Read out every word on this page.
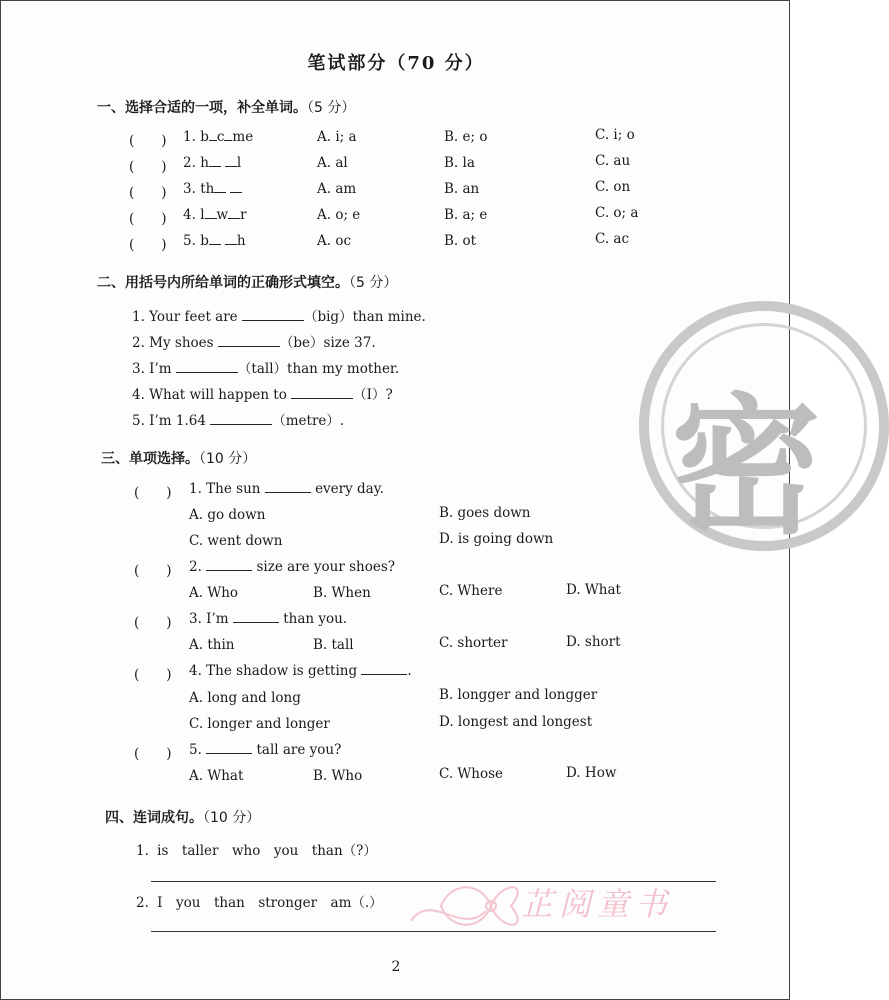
密
芷阅童书
笔试部分（70 分）
一、选择合适的一项，补全单词。（5 分）
(　　) 1. b c me	A. i; a	B. e; o	C. i; o
(　　) 2. h l	A. al	B. la	C. au
(　　) 3. th	A. am	B. an	C. on
(　　) 4. l w r	A. o; e	B. a; e	C. o; a
(　　) 5. b h	A. oc	B. ot	C. ac
二、用括号内所给单词的正确形式填空。（5 分）
1. Your feet are	（big）than mine.
2. My shoes	（be）size 37.
3. I’m	（tall）than my mother.
4. What will happen to	（I）?
5. I’m 1.64	（metre）.
三、单项选择。（10 分）
(　　) 1. The sun	every day.
A. go down	B. goes down
C. went down	D. is going down
(　　) 2.	size are your shoes?
A. Who	B. When	C. Where	D. What
(　　) 3. I’m	than you.
A. thin	B. tall	C. shorter	D. short
(　　) 4. The shadow is getting	.
A. long and long	B. longger and longger
C. longer and longer	D. longest and longest
(　　) 5.	tall are you?
A. What	B. Who	C. Whose	D. How
四、连词成句。（10 分）
1. is　taller　who　you　than（?）
2. I　you　than　stronger　am（.）
2
